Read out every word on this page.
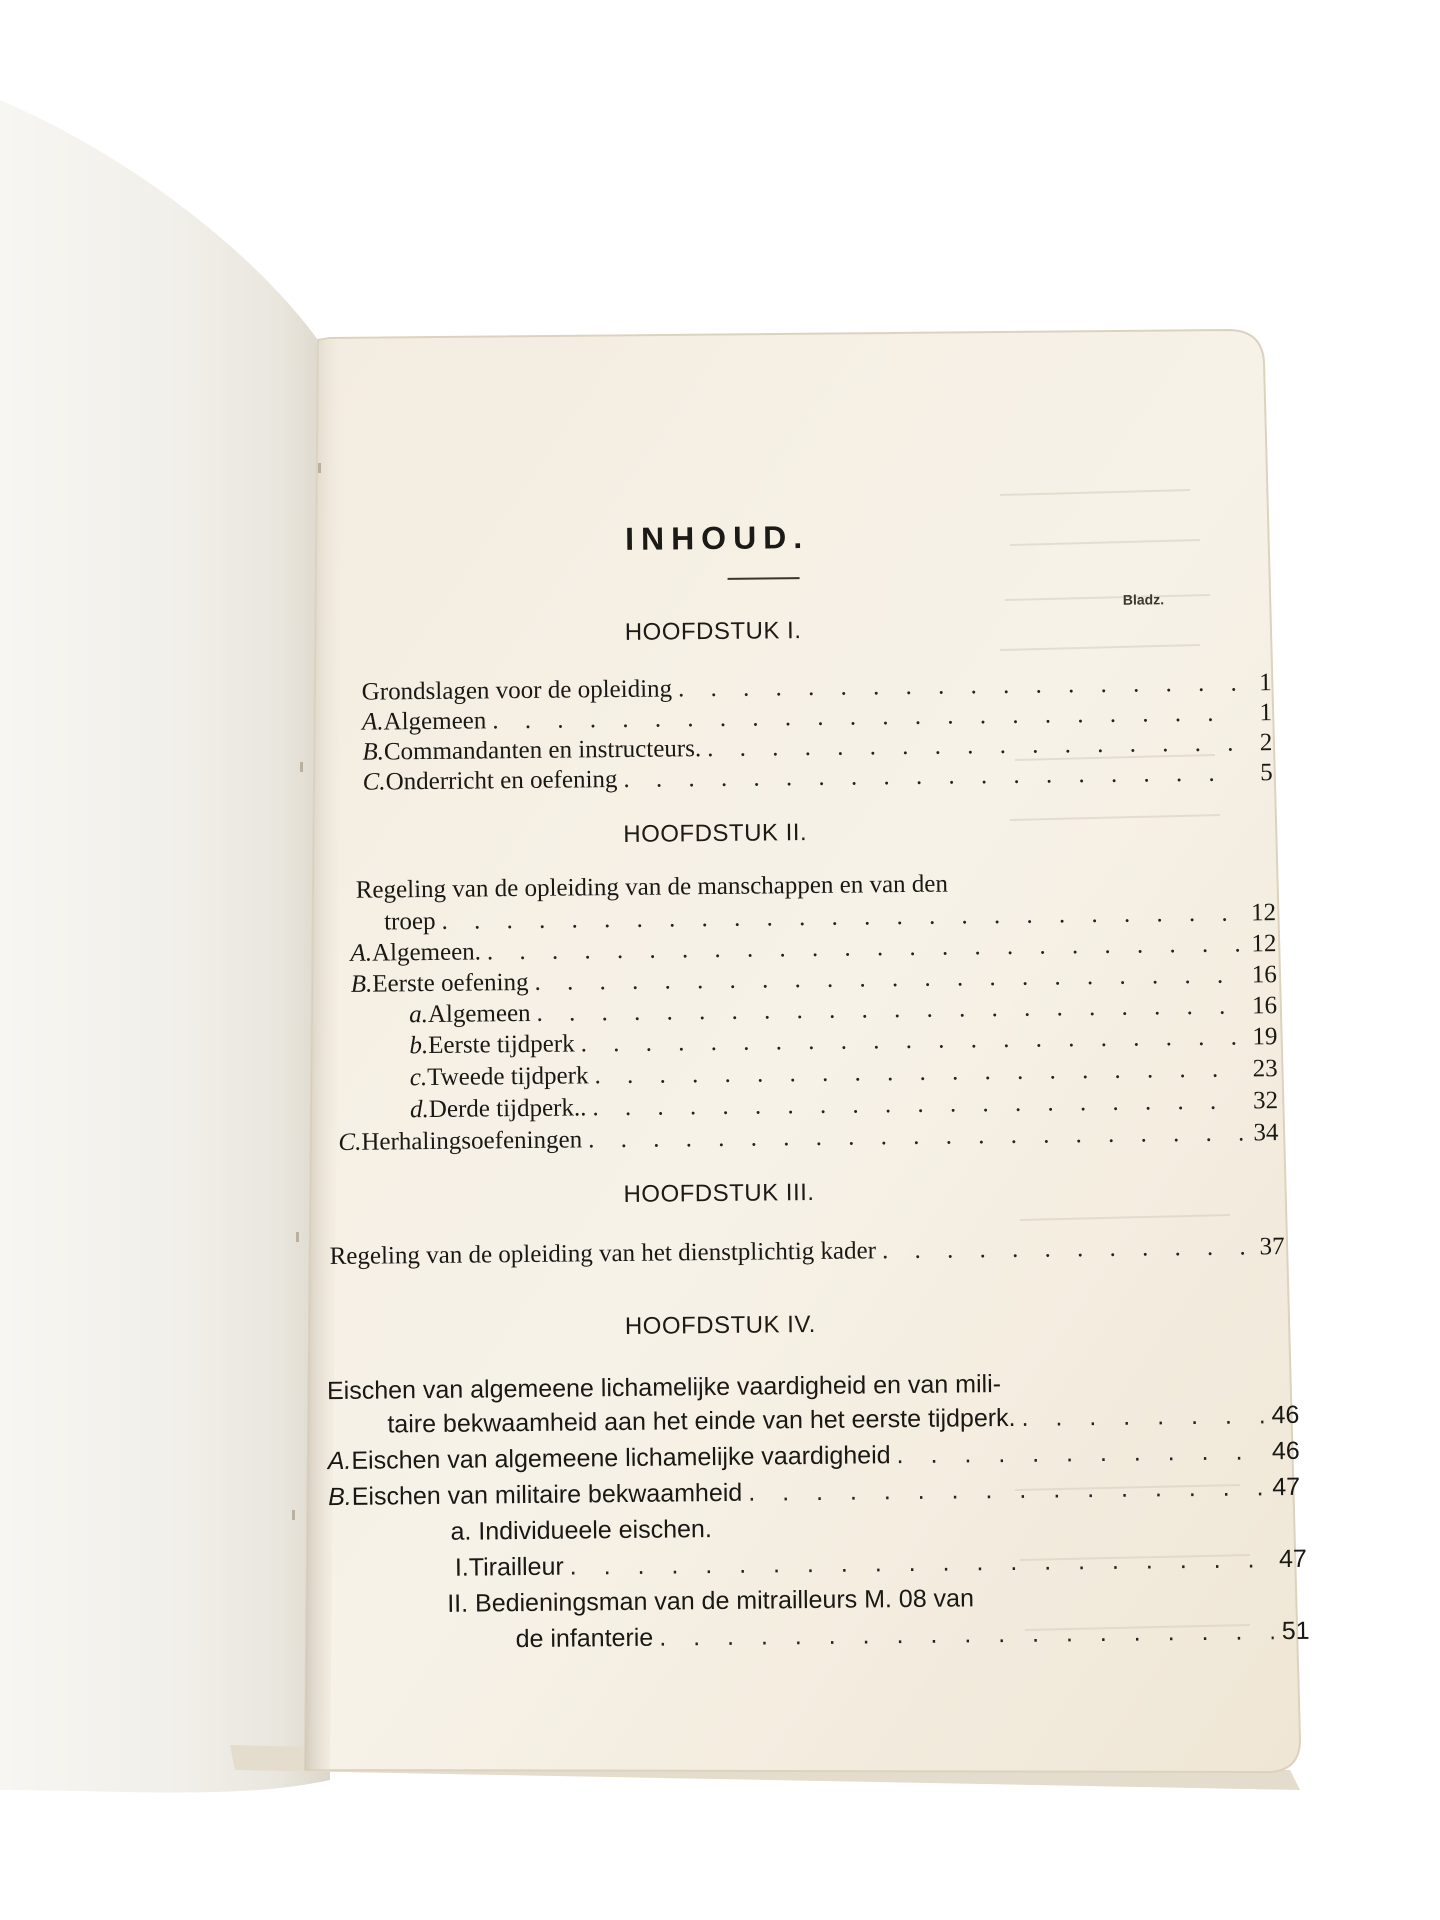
INHOUD.
Bladz.
HOOFDSTUK I.
Grondslagen voor de opleiding . . .	1
A. Algemeen . . .	1
B. Commandanten en instructeurs. . . .	2
C. Onderricht en oefening . . .	5
HOOFDSTUK II.
Regeling van de opleiding van de manschappen en van den
troep . . .	12
A. Algemeen. . . .	12
B. Eerste oefening . . .	16
a. Algemeen . . .	16
b. Eerste tijdperk . . .	19
c. Tweede tijdperk . . .	23
d. Derde tijdperk.. . . .	32
C. Herhalingsoefeningen . . .	34
HOOFDSTUK III.
Regeling van de opleiding van het dienstplichtig kader . . .	37
HOOFDSTUK IV.
Eischen van algemeene lichamelijke vaardigheid en van mili-
taire bekwaamheid aan het einde van het eerste tijdperk. . . .	46
A. Eischen van algemeene lichamelijke vaardigheid . . .	46
B. Eischen van militaire bekwaamheid . . .	47
a. Individueele eischen.
I. Tirailleur . . .	47
II. Bedieningsman van de mitrailleurs M. 08 van
de infanterie . . .	51
